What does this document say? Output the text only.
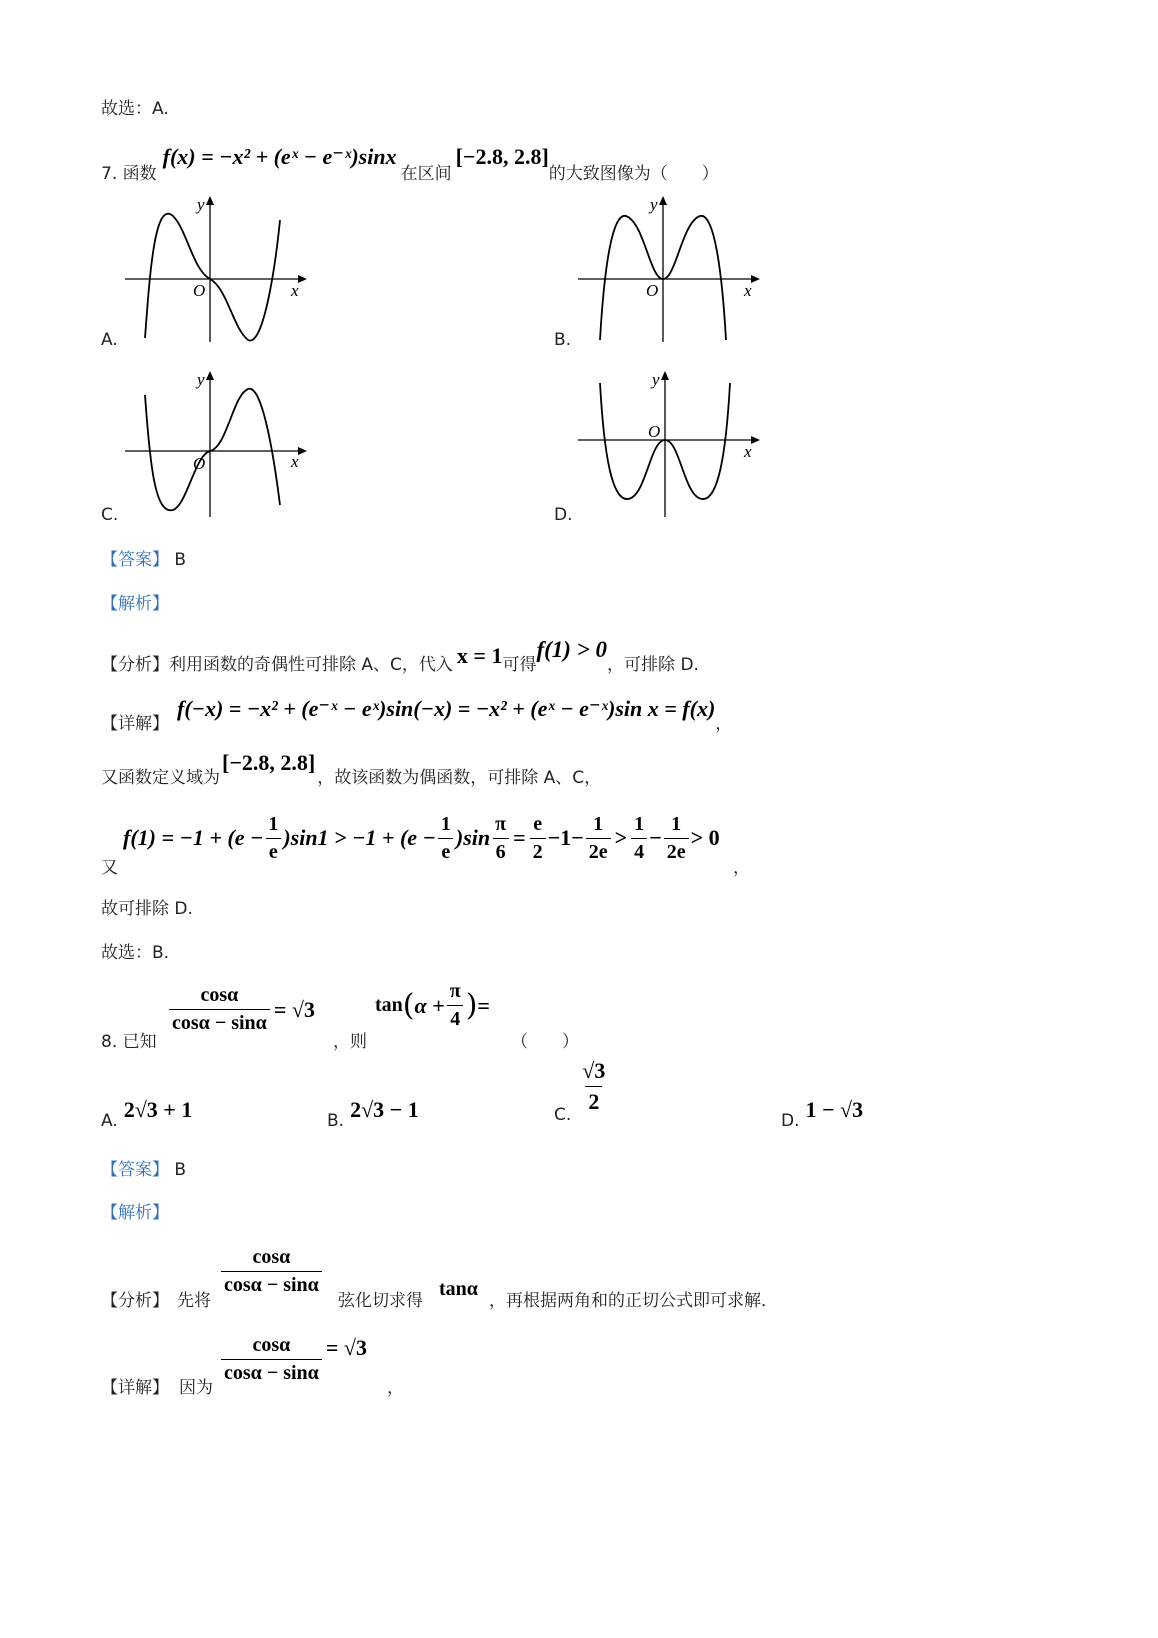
故选：A.
7. 函数
f(x) = −x² + (eˣ − e⁻ˣ)sinx
在区间
[−2.8, 2.8]
的大致图像为（　　）
O	x
y
A.
O	x
y
B.
O	x
y
C.
O
x
y
D.
【答案】 B
【解析】
【分析】 利用函数的奇偶性可排除 A、C，代入 x = 1 可得
f(1) > 0
，可排除 D.
【详解】
f(−x) = −x² + (e⁻ˣ − eˣ)sin(−x) = −x² + (eˣ − e⁻ˣ)sin x = f(x)
，
又函数定义域为
[−2.8, 2.8]
，故该函数为偶函数，可排除 A、C，
又
$f(1) = -1 + (e - \frac{1}{e} )\sin 1 > -1 + (e - \frac{1}{e} )\sin \frac{\pi}{6} = \frac{e}{2} -1- \frac{1}{2e} > \frac{1}{4} - \frac{1}{2e} > 0$
，
故可排除 D.
故选：B.
8. 已知
$\frac{\cos\alpha}{\cos\alpha - \sin\alpha} = √3$
，则
tan ( $\alpha + \frac{\pi}{4}$ ) =
（　　）
A. 2√3 + 1	B. 2√3 − 1	C. $\frac{√3}{2}$
D. 1 − √3
【答案】 B
【解析】
【分析】 先将
$\frac{\cos\alpha}{\cos\alpha - \sin\alpha}$
弦化切求得
tanα
，再根据两角和的正切公式即可求解．
【详解】 因为
$\frac{\cos\alpha}{\cos\alpha - \sin\alpha} = √3$
，
